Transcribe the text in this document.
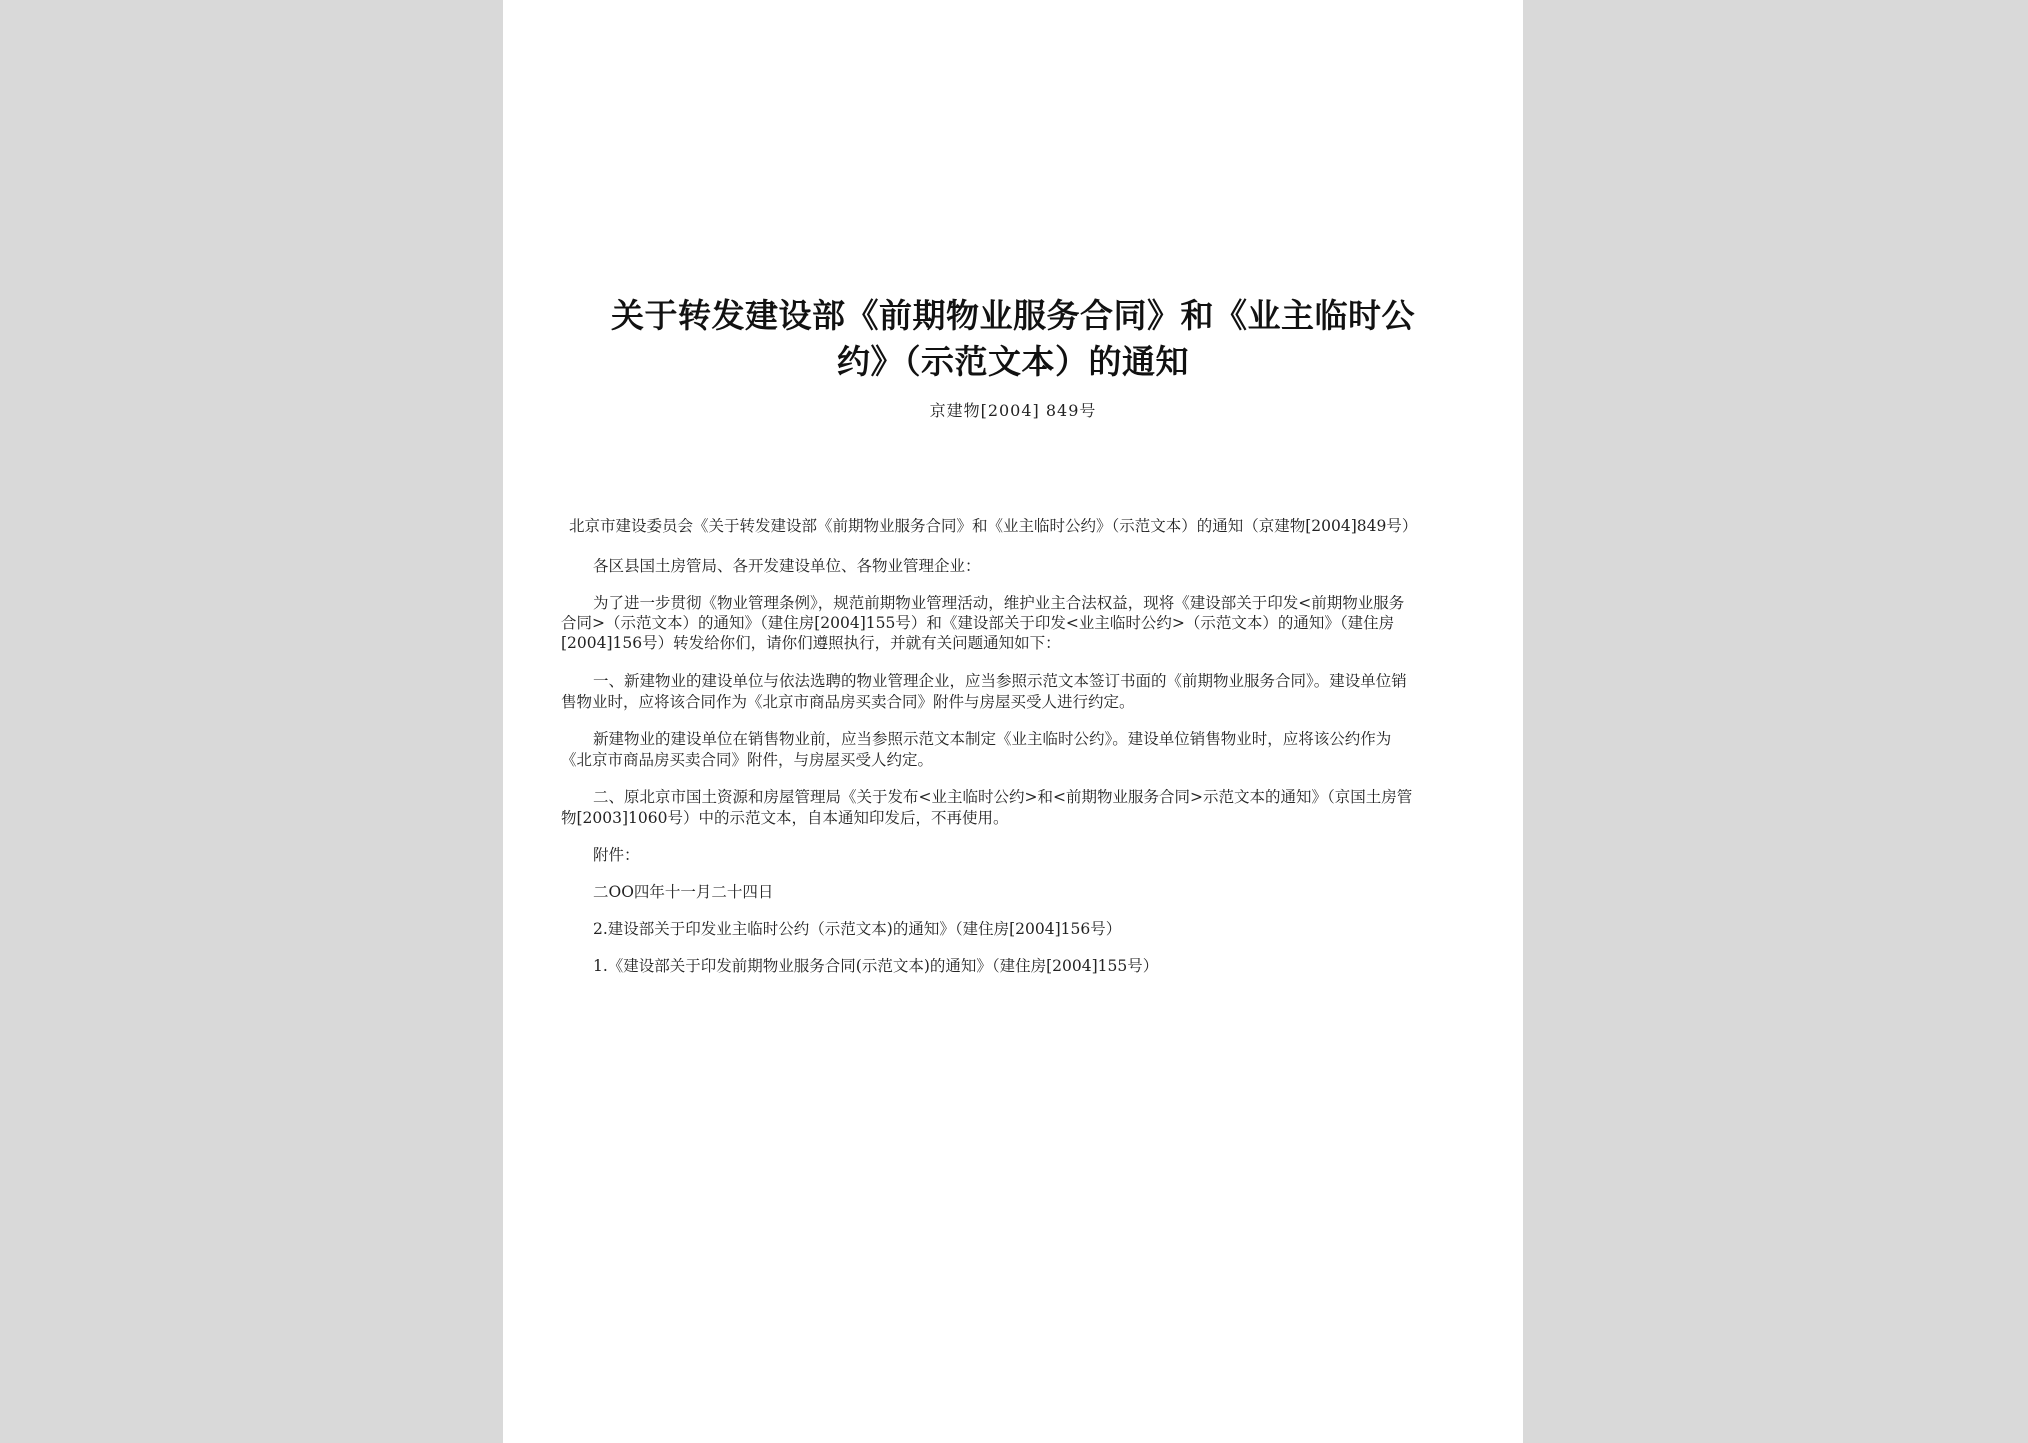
关于转发建设部《前期物业服务合同》和《业主临时公
约》（示范文本）的通知
京建物[2004] 849号
北京市建设委员会《关于转发建设部《前期物业服务合同》和《业主临时公约》（示范文本）的通知（京建物[2004]849号）
各区县国土房管局、各开发建设单位、各物业管理企业：
为了进一步贯彻《物业管理条例》，规范前期物业管理活动，维护业主合法权益，现将《建设部关于印发<前期物业服务
合同>（示范文本）的通知》（建住房[2004]155号）和《建设部关于印发<业主临时公约>（示范文本）的通知》（建住房
[2004]156号）转发给你们，请你们遵照执行，并就有关问题通知如下：
一、新建物业的建设单位与依法选聘的物业管理企业，应当参照示范文本签订书面的《前期物业服务合同》。建设单位销
售物业时，应将该合同作为《北京市商品房买卖合同》附件与房屋买受人进行约定。
新建物业的建设单位在销售物业前，应当参照示范文本制定《业主临时公约》。建设单位销售物业时，应将该公约作为
《北京市商品房买卖合同》附件，与房屋买受人约定。
二、原北京市国土资源和房屋管理局《关于发布<业主临时公约>和<前期物业服务合同>示范文本的通知》（京国土房管
物[2003]1060号）中的示范文本，自本通知印发后，不再使用。
附件：
二OO四年十一月二十四日
2.建设部关于印发业主临时公约（示范文本)的通知》（建住房[2004]156号）
1.《建设部关于印发前期物业服务合同(示范文本)的通知》（建住房[2004]155号）
